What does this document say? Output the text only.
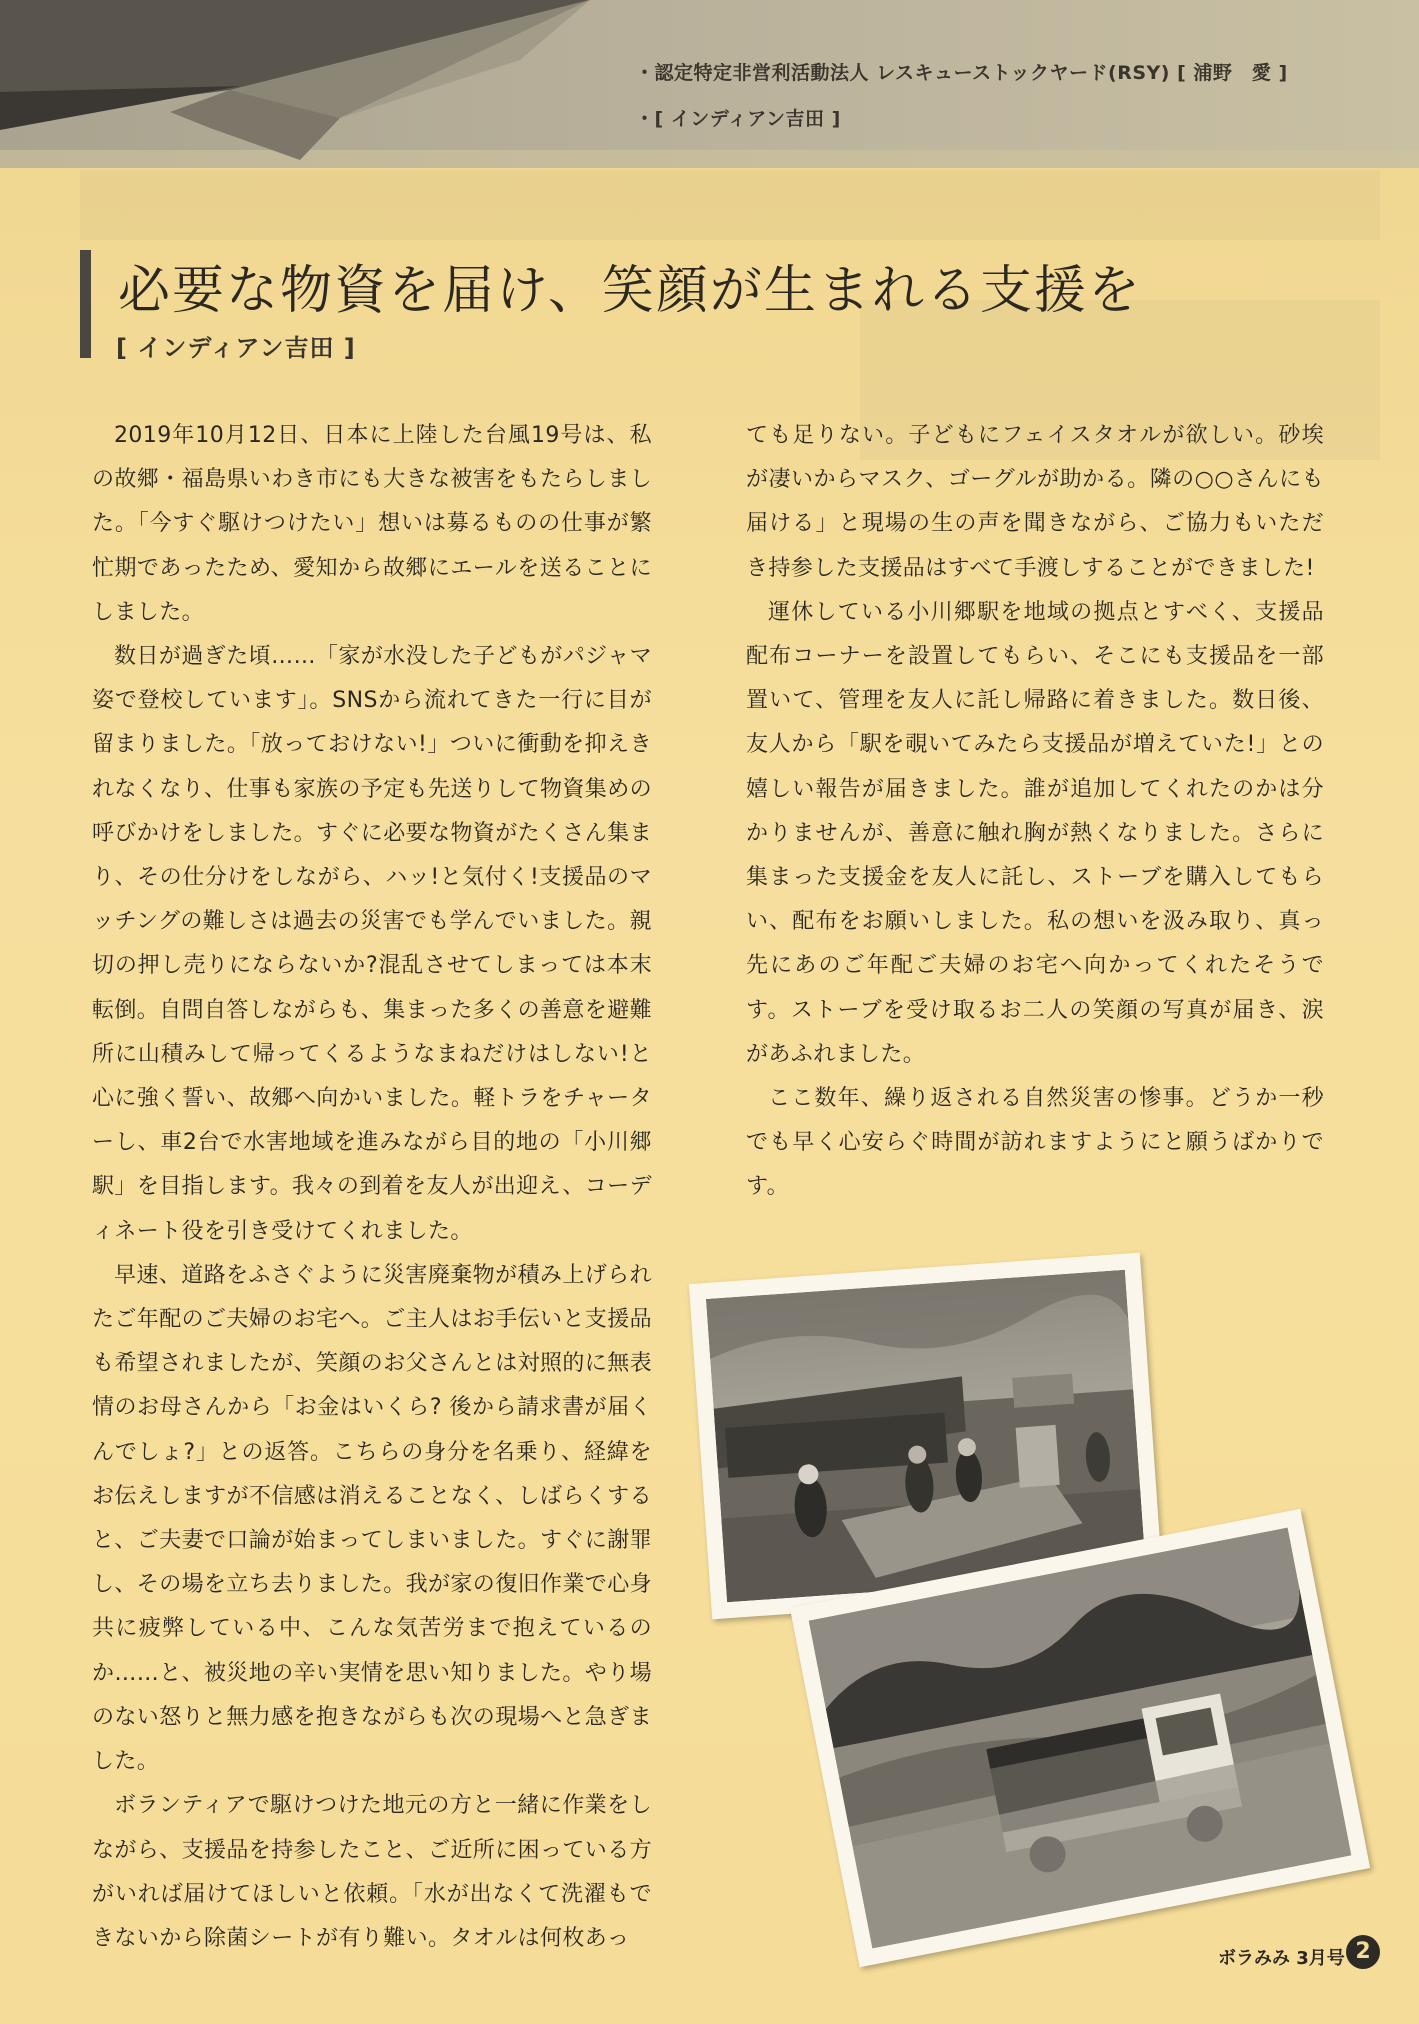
・認定特定非営利活動法人 レスキューストックヤード(RSY) [ 浦野　愛 ]
・[ インディアン吉田 ]
必要な物資を届け、笑顔が生まれる支援を
[ インディアン吉田 ]

2019年10月12日、日本に上陸した台風19号は、私の故郷・福島県いわき市にも大きな被害をもたらしました。「今すぐ駆けつけたい」想いは募るものの仕事が繁忙期であったため、愛知から故郷にエールを送ることにしました。

数日が過ぎた頃……「家が水没した子どもがパジャマ姿で登校しています」。SNSから流れてきた一行に目が留まりました。「放っておけない!」ついに衝動を抑えきれなくなり、仕事も家族の予定も先送りして物資集めの呼びかけをしました。すぐに必要な物資がたくさん集まり、その仕分けをしながら、ハッ!と気付く!支援品のマッチングの難しさは過去の災害でも学んでいました。親切の押し売りにならないか?混乱させてしまっては本末転倒。自問自答しながらも、集まった多くの善意を避難所に山積みして帰ってくるようなまねだけはしない!と心に強く誓い、故郷へ向かいました。軽トラをチャーターし、車2台で水害地域を進みながら目的地の「小川郷駅」を目指します。我々の到着を友人が出迎え、コーディネート役を引き受けてくれました。

早速、道路をふさぐように災害廃棄物が積み上げられたご年配のご夫婦のお宅へ。ご主人はお手伝いと支援品も希望されましたが、笑顔のお父さんとは対照的に無表情のお母さんから「お金はいくら? 後から請求書が届くんでしょ?」との返答。こちらの身分を名乗り、経緯をお伝えしますが不信感は消えることなく、しばらくすると、ご夫妻で口論が始まってしまいました。すぐに謝罪し、その場を立ち去りました。我が家の復旧作業で心身共に疲弊している中、こんな気苦労まで抱えているのか……と、被災地の辛い実情を思い知りました。やり場のない怒りと無力感を抱きながらも次の現場へと急ぎました。

ボランティアで駆けつけた地元の方と一緒に作業をしながら、支援品を持参したこと、ご近所に困っている方がいれば届けてほしいと依頼。「水が出なくて洗濯もできないから除菌シートが有り難い。タオルは何枚あっ

ても足りない。子どもにフェイスタオルが欲しい。砂埃が凄いからマスク、ゴーグルが助かる。隣の○○さんにも届ける」と現場の生の声を聞きながら、ご協力もいただき持参した支援品はすべて手渡しすることができました!

運休している小川郷駅を地域の拠点とすべく、支援品配布コーナーを設置してもらい、そこにも支援品を一部置いて、管理を友人に託し帰路に着きました。数日後、友人から「駅を覗いてみたら支援品が増えていた!」との嬉しい報告が届きました。誰が追加してくれたのかは分かりませんが、善意に触れ胸が熱くなりました。さらに集まった支援金を友人に託し、ストーブを購入してもらい、配布をお願いしました。私の想いを汲み取り、真っ先にあのご年配ご夫婦のお宅へ向かってくれたそうです。ストーブを受け取るお二人の笑顔の写真が届き、涙があふれました。

ここ数年、繰り返される自然災害の惨事。どうか一秒でも早く心安らぐ時間が訪れますようにと願うばかりです。

ボラみみ 3月号 2
